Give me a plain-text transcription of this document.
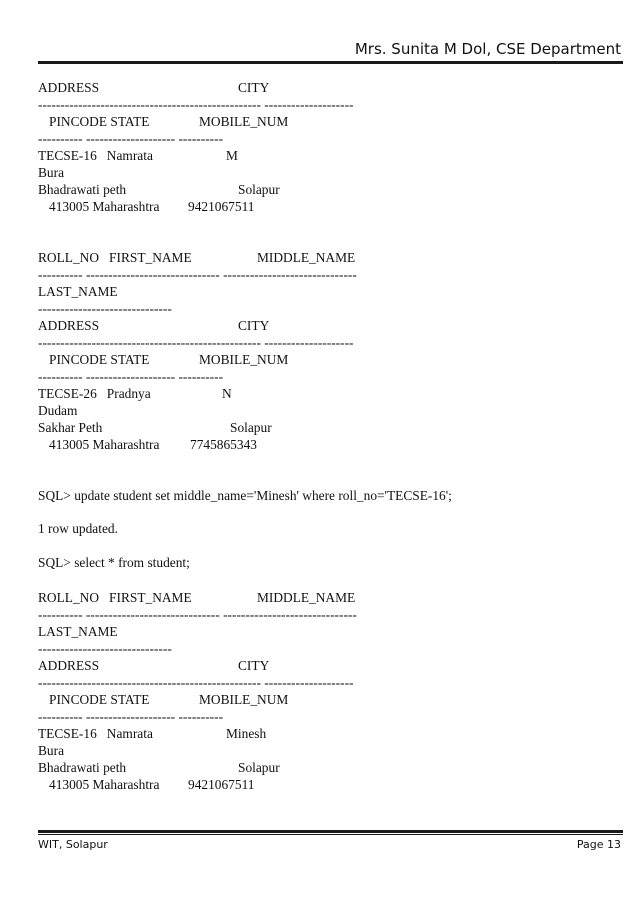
Mrs. Sunita M Dol, CSE Department
ADDRESS	CITY
-------------------------------------------------- --------------------
PINCODE STATE	MOBILE_NUM
---------- -------------------- ----------
TECSE-16   Namrata	M
Bura
Bhadrawati peth	Solapur
413005 Maharashtra 9421067511
ROLL_NO   FIRST_NAME	MIDDLE_NAME
---------- ------------------------------ ------------------------------
LAST_NAME
------------------------------
ADDRESS	CITY
-------------------------------------------------- --------------------
PINCODE STATE	MOBILE_NUM
---------- -------------------- ----------
TECSE-26   Pradnya	N
Dudam
Sakhar Peth	Solapur
413005 Maharashtra 7745865343
SQL> update student set middle_name='Minesh' where roll_no='TECSE-16';
1 row updated.
SQL> select * from student;
ROLL_NO   FIRST_NAME	MIDDLE_NAME
---------- ------------------------------ ------------------------------
LAST_NAME
------------------------------
ADDRESS	CITY
-------------------------------------------------- --------------------
PINCODE STATE	MOBILE_NUM
---------- -------------------- ----------
TECSE-16   Namrata	Minesh
Bura
Bhadrawati peth	Solapur
413005 Maharashtra 9421067511
WIT, Solapur	Page 13
